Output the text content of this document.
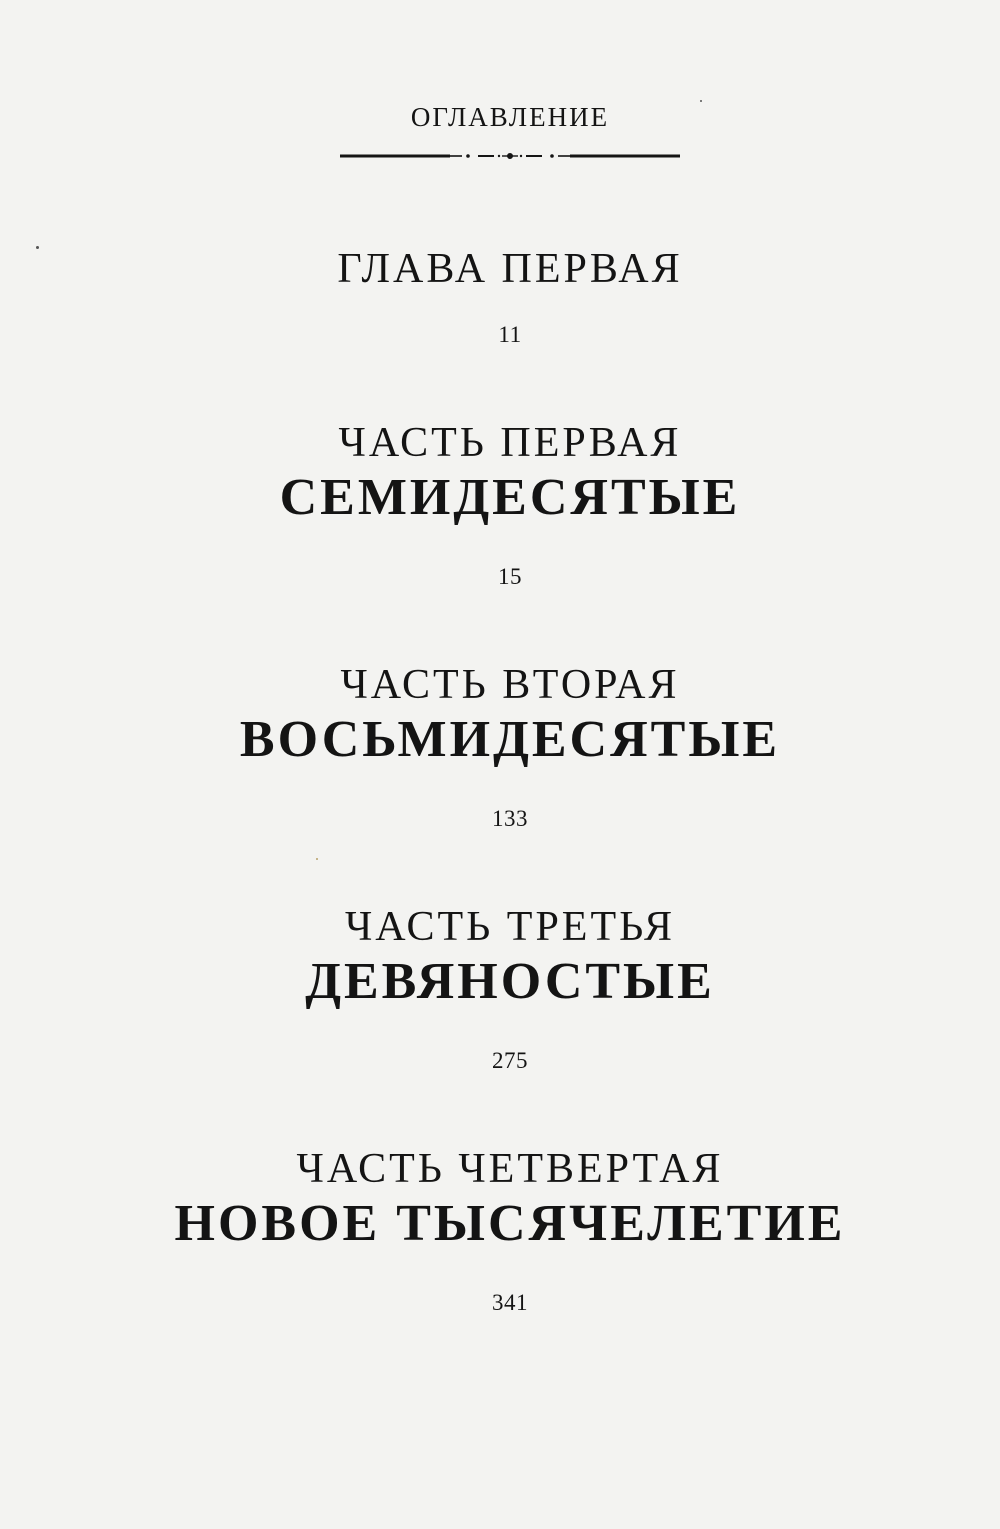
ОГЛАВЛЕНИЕ
ГЛАВА ПЕРВАЯ
11
ЧАСТЬ ПЕРВАЯ
СЕМИДЕСЯТЫЕ
15
ЧАСТЬ ВТОРАЯ
ВОСЬМИДЕСЯТЫЕ
133
ЧАСТЬ ТРЕТЬЯ
ДЕВЯНОСТЫЕ
275
ЧАСТЬ ЧЕТВЕРТАЯ
НОВОЕ ТЫСЯЧЕЛЕТИЕ
341
